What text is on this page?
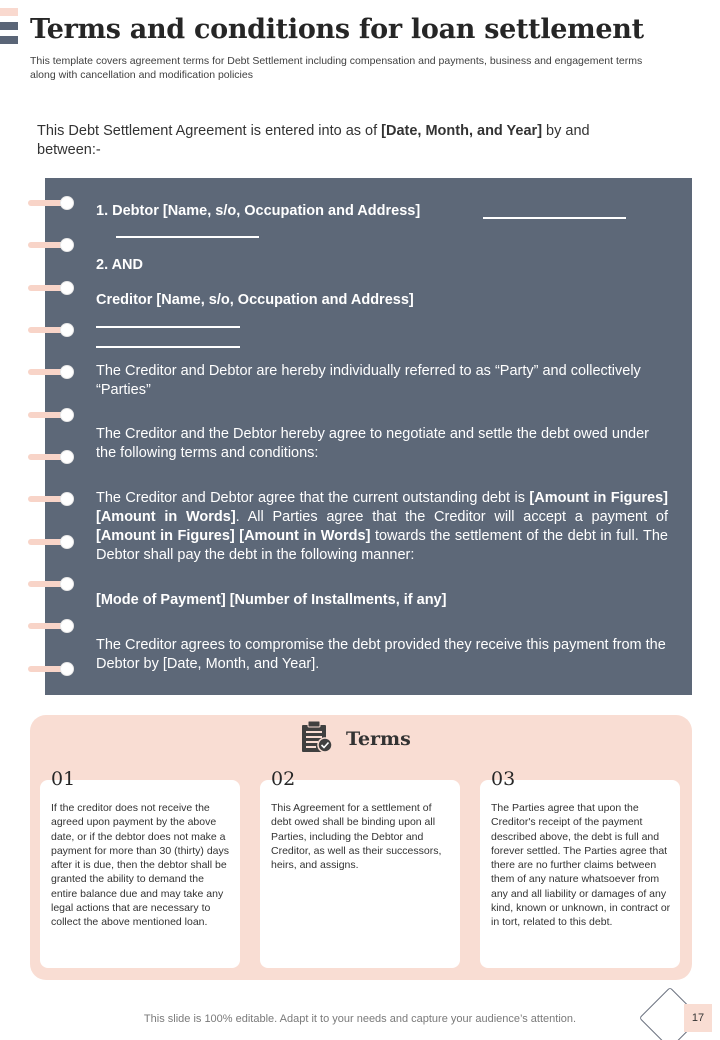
Terms and conditions for loan settlement
This template covers agreement terms for Debt Settlement including compensation and payments, business and engagement terms along with cancellation and modification policies
This Debt Settlement Agreement is entered into as of [Date, Month, and Year] by and between:-
1. Debtor [Name, s/o, Occupation and Address]
2. AND
Creditor [Name, s/o, Occupation and Address]
The Creditor and Debtor are hereby individually referred to as “Party” and collectively “Parties”
The Creditor and the Debtor hereby agree to negotiate and settle the debt owed under the following terms and conditions:
The Creditor and Debtor agree that the current outstanding debt is [Amount in Figures] [Amount in Words]. All Parties agree that the Creditor will accept a payment of [Amount in Figures] [Amount in Words] towards the settlement of the debt in full. The Debtor shall pay the debt in the following manner:
[Mode of Payment] [Number of Installments, if any]
The Creditor agrees to compromise the debt provided they receive this payment from the Debtor by [Date, Month, and Year].
Terms
If the creditor does not receive the agreed upon payment by the above date, or if the debtor does not make a payment for more than 30 (thirty) days after it is due, then the debtor shall be granted the ability to demand the entire balance due and may take any legal actions that are necessary to collect the above mentioned loan.
01
This Agreement for a settlement of debt owed shall be binding upon all Parties, including the Debtor and Creditor, as well as their successors, heirs, and assigns.
02
The Parties agree that upon the Creditor's receipt of the payment described above, the debt is full and forever settled. The Parties agree that there are no further claims between them of any nature whatsoever from any and all liability or damages of any kind, known or unknown, in contract or in tort, related to this debt.
03
This slide is 100% editable. Adapt it to your needs and capture your audience’s attention.	17
